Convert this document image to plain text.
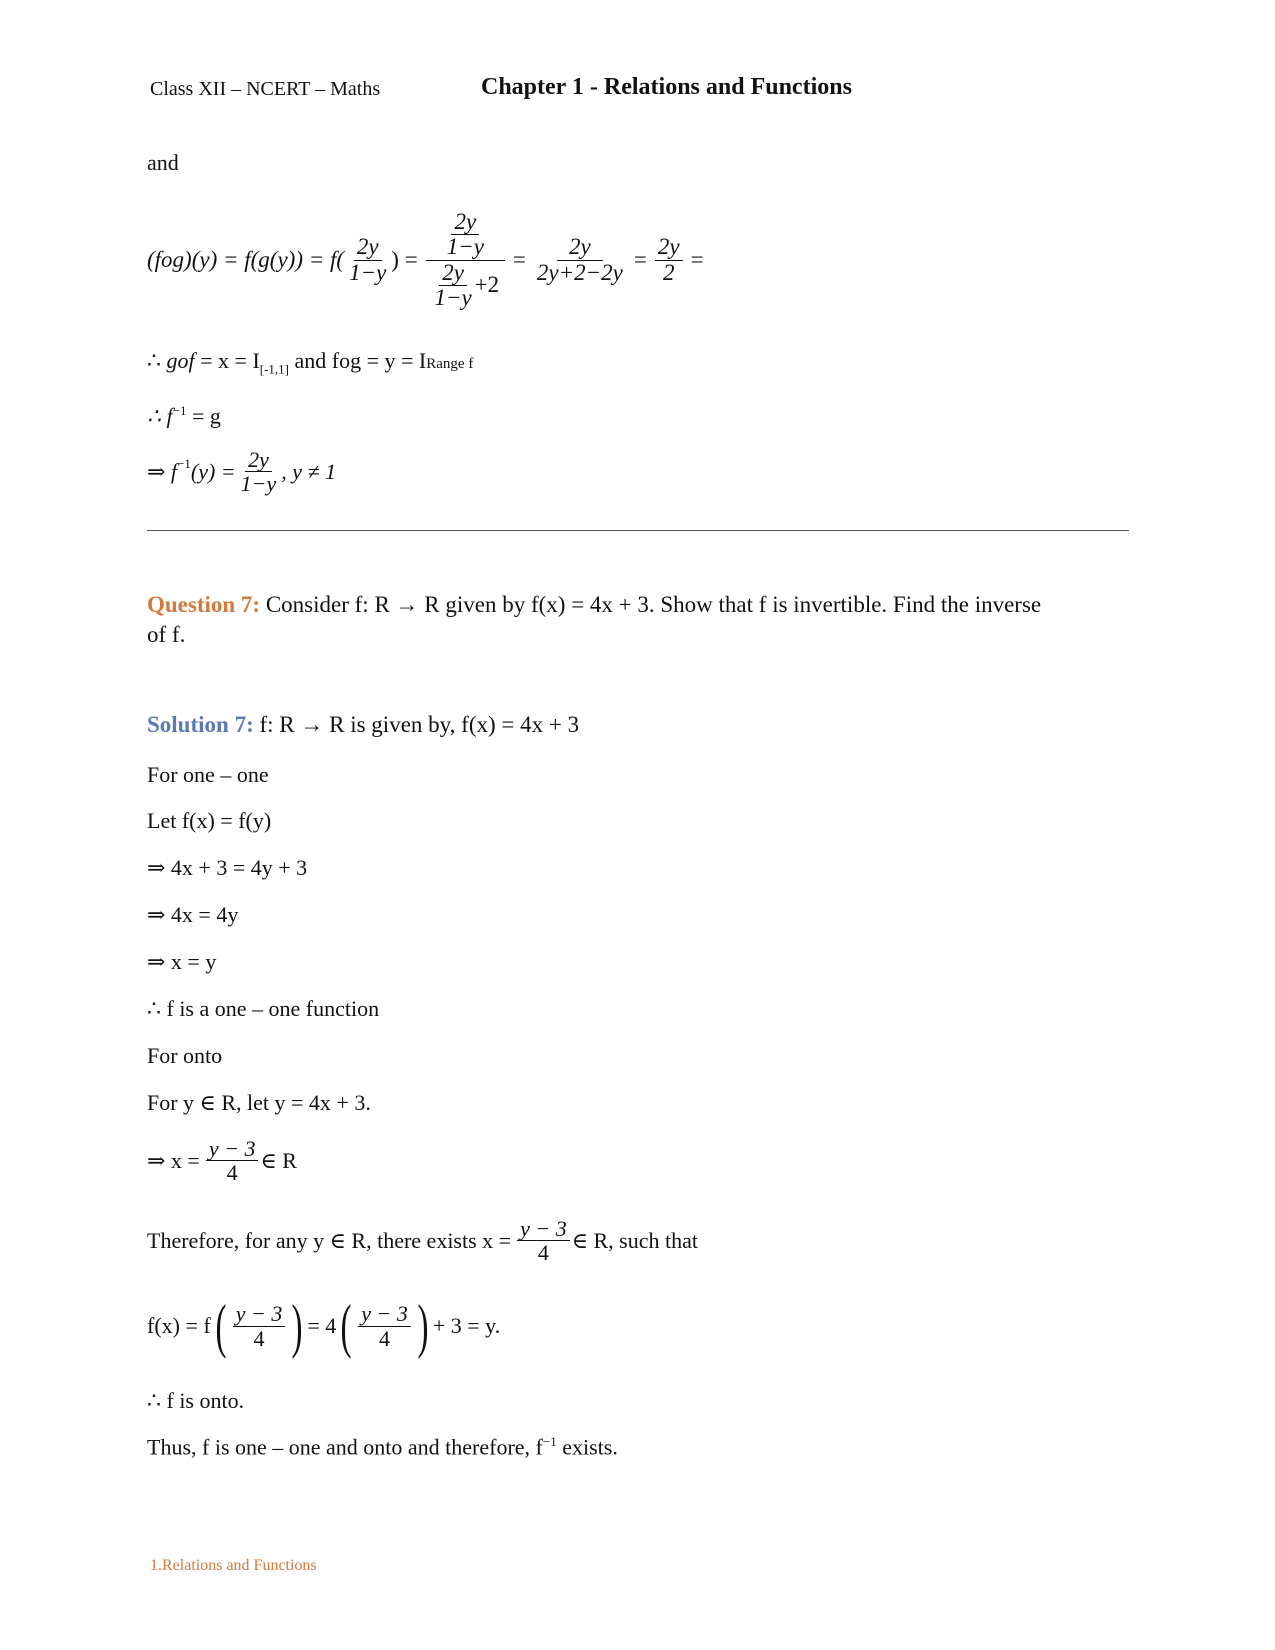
Class XII – NCERT – Maths	Chapter 1 - Relations and Functions
and
$(fog)(y) = f(g(y)) = f( \frac{2y}{1-y}$ ) = $\frac{\frac{2y}{1-y}}{\frac{2y}{1-y} +2} = \frac{2y}{2y+2-2y} = \frac{2y}{2}$ =
∴ gof = $x = I_{[-1,1]}$ and fog = y = IRange f
∴ $f^{-1} = g$
⇒ $f^{-1}$ $(y) = \frac{2y}{1-y}$ , y ≠ 1
Question 7: Consider f: R → R given by f(x) = 4x + 3. Show that f is invertible. Find the inverse
of f.
Solution 7: f: R → R is given by, f(x) = 4x + 3
For one – one
Let f(x) = f(y)
⇒ 4x + 3 = 4y + 3
⇒ 4x = 4y
⇒ x = y
∴ f is a one – one function
For onto
For y ∈ R, let y = 4x + 3.
⇒ $x = \frac{y - 3}{4}$ ∈ R
Therefore, for any y ∈ R, there exists $x = \frac{y - 3}{4}$ ∈ R, such that
f(x) = f ( $\frac{y - 3}{4}$ ) = 4 ( $\frac{y - 3}{4}$ ) + 3 = y.
∴ f is onto.
Thus, f is one – one and onto and therefore, $f^{-1}$ exists.
1.Relations and Functions
